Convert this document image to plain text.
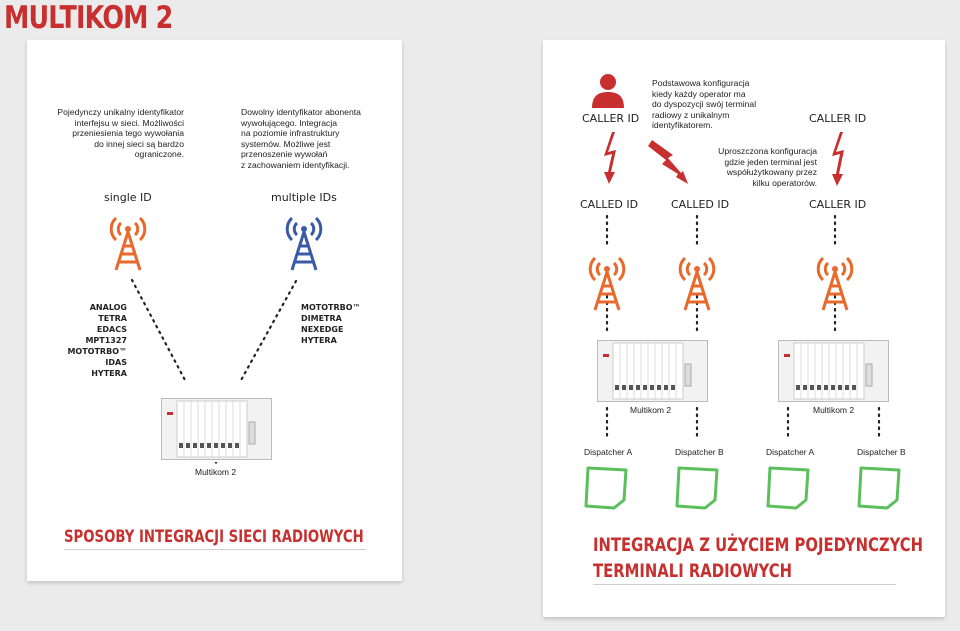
MULTIKOM 2
Pojedynczy unikalny identyfikator
interfejsu w sieci. Możliwości
przeniesienia tego wywołania
do innej sieci są bardzo
ograniczone.
Dowolny identyfikator abonenta
wywołującego. Integracja
na poziomie infrastruktury
systemów. Możliwe jest
przenoszenie wywołań
z zachowaniem identyfikacji.
single ID	multiple IDs
ANALOG
TETRA
EDACS
MPT1327
MOTOTRBO™
IDAS
HYTERA
MOTOTRBO™
DIMETRA
NEXEDGE
HYTERA
Multikom 2
SPOSOBY INTEGRACJI SIECI RADIOWYCH
CALLER ID	CALLER ID
Podstawowa konfiguracja
kiedy każdy operator ma
do dyspozycji swój terminal
radiowy z unikalnym
identyfikatorem.
Uproszczona konfiguracja
gdzie jeden terminal jest
współużytkowany przez
kilku operatorów.
CALLED ID	CALLED ID	CALLER ID
Multikom 2	Multikom 2
Dispatcher A	Dispatcher B	Dispatcher A	Dispatcher B
INTEGRACJA Z UŻYCIEM POJEDYNCZYCH
TERMINALI RADIOWYCH
